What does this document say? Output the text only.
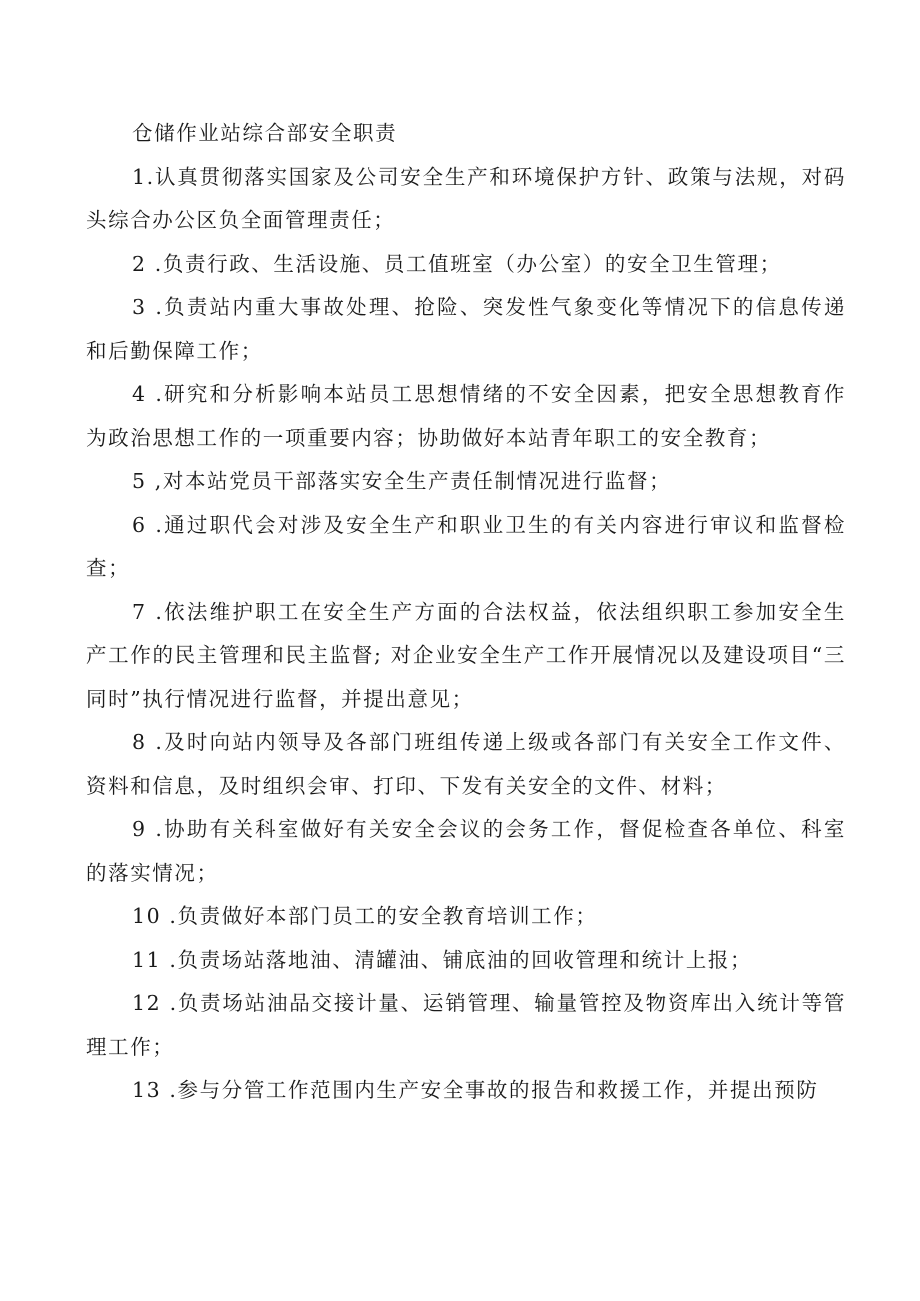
仓储作业站综合部安全职责

1.认真贯彻落实国家及公司安全生产和环境保护方针、政策与法规，对码头综合办公区负全面管理责任；

2 .负责行政、生活设施、员工值班室（办公室）的安全卫生管理；

3 .负责站内重大事故处理、抢险、突发性气象变化等情况下的信息传递和后勤保障工作；

4 .研究和分析影响本站员工思想情绪的不安全因素，把安全思想教育作为政治思想工作的一项重要内容；协助做好本站青年职工的安全教育；

5 ,对本站党员干部落实安全生产责任制情况进行监督；

6 .通过职代会对涉及安全生产和职业卫生的有关内容进行审议和监督检查；

7 .依法维护职工在安全生产方面的合法权益，依法组织职工参加安全生产工作的民主管理和民主监督; 对企业安全生产工作开展情况以及建设项目“三同时”执行情况进行监督，并提出意见；

8 .及时向站内领导及各部门班组传递上级或各部门有关安全工作文件、资料和信息，及时组织会审、打印、下发有关安全的文件、材料；

9 .协助有关科室做好有关安全会议的会务工作，督促检查各单位、科室的落实情况；

10 .负责做好本部门员工的安全教育培训工作；

11 .负责场站落地油、清罐油、铺底油的回收管理和统计上报；

12 .负责场站油品交接计量、运销管理、输量管控及物资库出入统计等管理工作；

13 .参与分管工作范围内生产安全事故的报告和救援工作，并提出预防
